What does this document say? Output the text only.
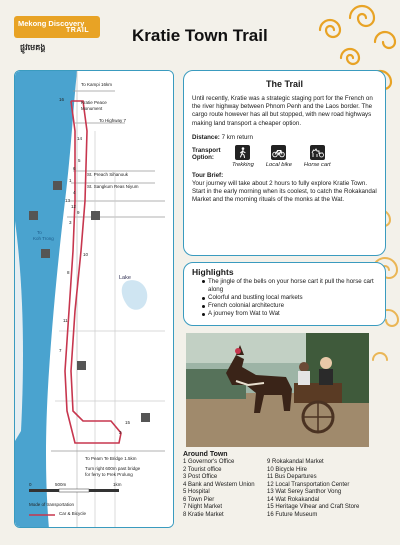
Mekong Discovery
TRAIL
ផ្លូវមេគង្គ
Kratie Town Trail
To Kampi 16km
Kratie Peace
Monument
To Highway 7
St. Preach Sihanouk
St. Sangkum Reas Niyum
To
Koh Trong
Lake
To Peam Te Bridge 1.5km
Turn right 600m past bridge
for ferry to Prek Prolung
0	500m	1km
Mode of transportation
Car & Bicycle
16
14
5
6
1
4
13
12
9
3
10
8
11
7
15
2
The Trail

Until recently, Kratie was a strategic staging port for the French on the river highway between Phnom Penh and the Laos border. The cargo route however has all but stopped, with new road highways making land transport a cheaper option.

Distance: 7 km return

Transport
Option:
Trekking Local bike Horse cart
Tour Brief:

Your journey will take about 2 hours to fully explore Kratie Town. Start in the early morning when its coolest, to catch the Rokakandal Market and the morning rituals of the monks at the Wat.

Highlights
The jingle of the bells on your horse cart it pull the horse cart along
Colorful and bustling local markets
French colonial architecture
A journey from Wat to Wat
Around Town
1 Governor's Office
2 Tourist office
3 Post Office
4 Bank and Western Union
5 Hospital
6 Town Pier
7 Night Market
8 Kratie Market
9 Rokakandal Market
10 Bicycle Hire
11 Bus Departures
12 Local Transportation Center
13 Wat Serey Santhor Vong
14 Wat Rokakandal
15 Heritage Vihear and Craft Store
16 Future Museum
